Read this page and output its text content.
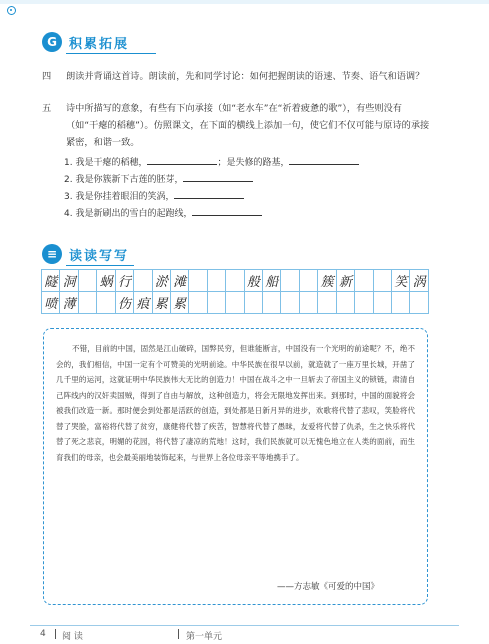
G 积累拓展
四 朗读并背诵这首诗。朗读前，先和同学讨论：如何把握朗读的语速、节奏、语气和语调？
五 诗中所描写的意象，有些有下向承接（如“老水车”在“祈着疲惫的歌”），有些则没有（如“干瘪的稻穗”）。仿照课文，在下面的横线上添加一句，使它们不仅可能与原诗的承接紧密，和谐一致。
1. 我是干瘪的稻穗，	；是失修的路基，
2. 我是你簇新下古莲的胚芽，
3. 我是你挂着眼泪的笑涡，
4. 我是新刷出的雪白的起跑线，
≡ 读读写写
隧 洞 蜗 行 淤 滩	般 船	簇 新	笑 涡
喷 薄	伤 痕 累 累

不错，目前的中国，固然是江山破碎，国弊民穷，但谁能断言，中国没有一个光明的前途呢？不，绝不会的，我们相信，中国一定有个可赞美的光明前途。中华民族在很早以前，就造就了一座万里长城，开凿了几千里的运河，这就证明中华民族伟大无比的创造力！中国在战斗之中一旦斩去了帝国主义的锁链，肃清自己阵线内的汉奸卖国贼，得到了自由与解放，这种创造力，将会无限地发挥出来。到那时，中国的面貌将会被我们改造一新。那时便会到处都是活跃的创造，到处都是日新月异的进步，欢歌将代替了悲叹，笑脸将代替了哭脸，富裕将代替了贫穷，康健将代替了疾苦，智慧将代替了愚昧，友爱将代替了仇杀，生之快乐将代替了死之悲哀，明媚的花园，将代替了凄凉的荒地！这时，我们民族就可以无愧色地立在人类的面前，而生育我们的母亲，也会最美丽地装饰起来，与世界上各位母亲平等地携手了。

——方志敏《可爱的中国》
4 阅 读	第一单元
